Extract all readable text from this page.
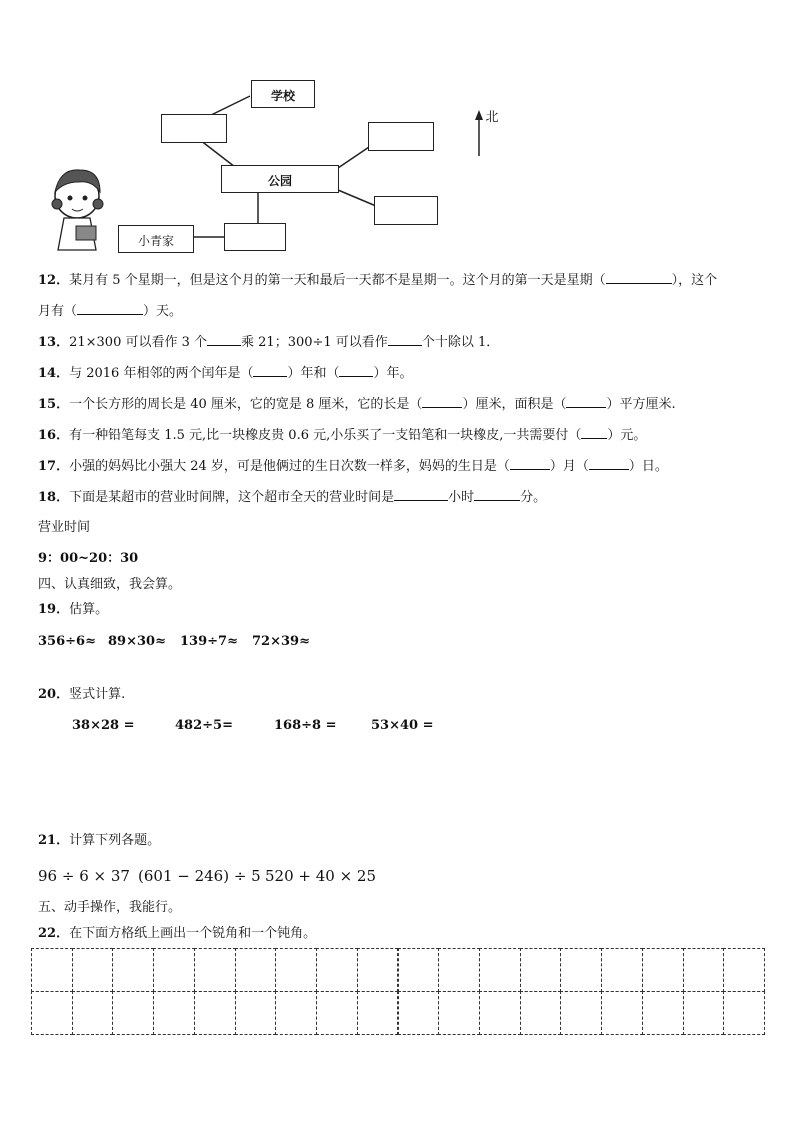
学校
公园
小青家
北
12．某月有 5 个星期一，但是这个月的第一天和最后一天都不是星期一。这个月的第一天是星期（	），这个
月有（	）天。
13．21×300 可以看作 3 个	乘 21；300÷1 可以看作	个十除以 1．
14．与 2016 年相邻的两个闰年是（	）年和（	）年。
15．一个长方形的周长是 40 厘米，它的宽是 8 厘米，它的长是（	）厘米，面积是（	）平方厘米.
16．有一种铅笔每支 1.5 元,比一块橡皮贵 0.6 元,小乐买了一支铅笔和一块橡皮,一共需要付（ ）元。
17．小强的妈妈比小强大 24 岁，可是他俩过的生日次数一样多，妈妈的生日是（	）月（	）日。
18．下面是某超市的营业时间牌，这个超市全天的营业时间是	小时	分。
营业时间
9：00~20：30
四、认真细致，我会算。
19．估算。
356÷6≈ 89×30≈ 139÷7≈ 72×39≈
20．竖式计算.
38×28 =	482÷5=	168÷8 =	53×40 =
21．计算下列各题。
96 ÷ 6 × 37 (601 − 246) ÷ 5 520 + 40 × 25
五、动手操作，我能行。
22．在下面方格纸上画出一个锐角和一个钝角。
